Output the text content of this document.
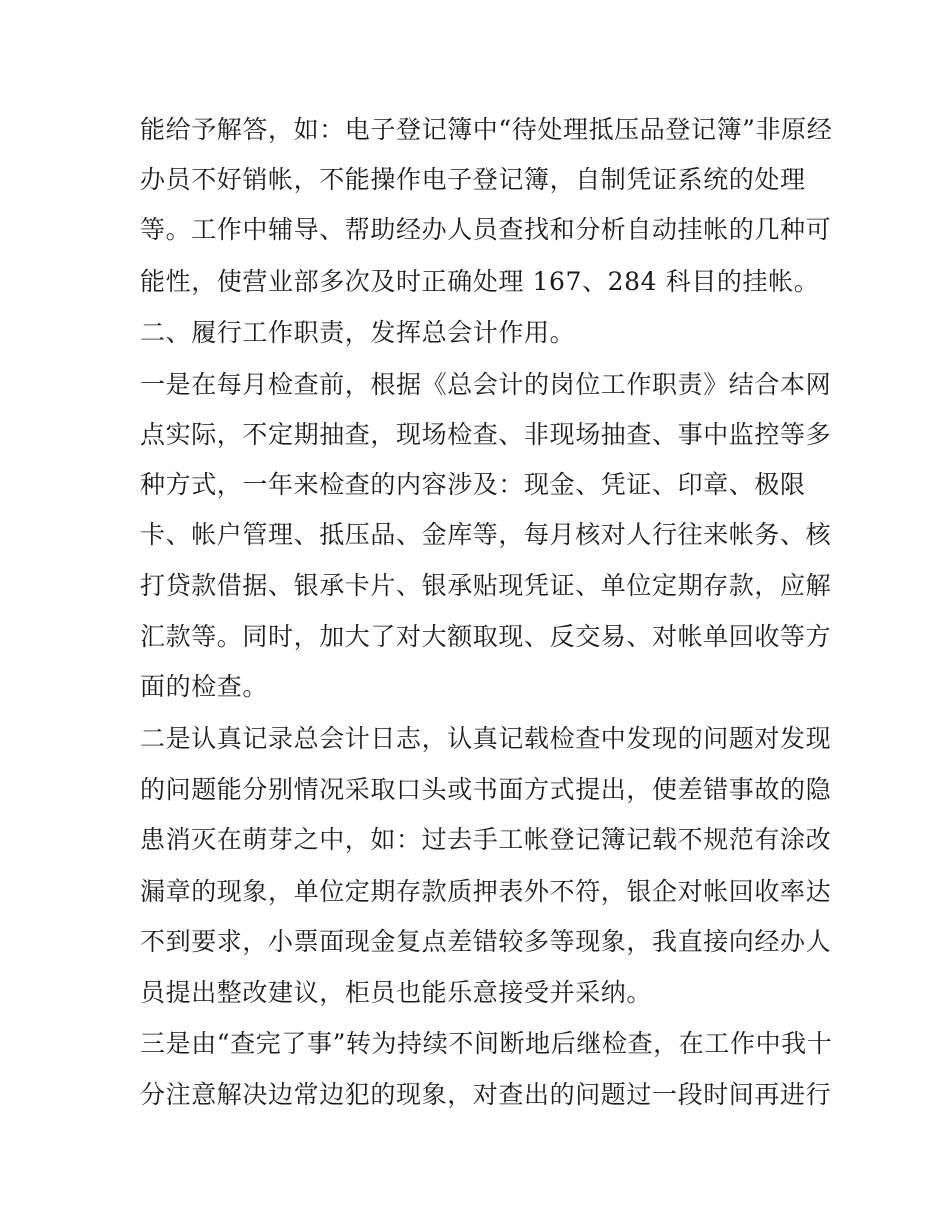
能给予解答，如：电子登记簿中“待处理抵压品登记簿”非原经

办员不好销帐，不能操作电子登记簿，自制凭证系统的处理

等。工作中辅导、帮助经办人员查找和分析自动挂帐的几种可

能性，使营业部多次及时正确处理 167、284 科目的挂帐。

二、履行工作职责，发挥总会计作用。

一是在每月检查前，根据《总会计的岗位工作职责》结合本网

点实际，不定期抽查，现场检查、非现场抽查、事中监控等多

种方式，一年来检查的内容涉及：现金、凭证、印章、极限

卡、帐户管理、抵压品、金库等，每月核对人行往来帐务、核

打贷款借据、银承卡片、银承贴现凭证、单位定期存款，应解

汇款等。同时，加大了对大额取现、反交易、对帐单回收等方

面的检查。

二是认真记录总会计日志，认真记载检查中发现的问题对发现

的问题能分别情况采取口头或书面方式提出，使差错事故的隐

患消灭在萌芽之中，如：过去手工帐登记簿记载不规范有涂改

漏章的现象，单位定期存款质押表外不符，银企对帐回收率达

不到要求，小票面现金复点差错较多等现象，我直接向经办人

员提出整改建议，柜员也能乐意接受并采纳。

三是由“查完了事”转为持续不间断地后继检查，在工作中我十

分注意解决边常边犯的现象，对查出的问题过一段时间再进行
